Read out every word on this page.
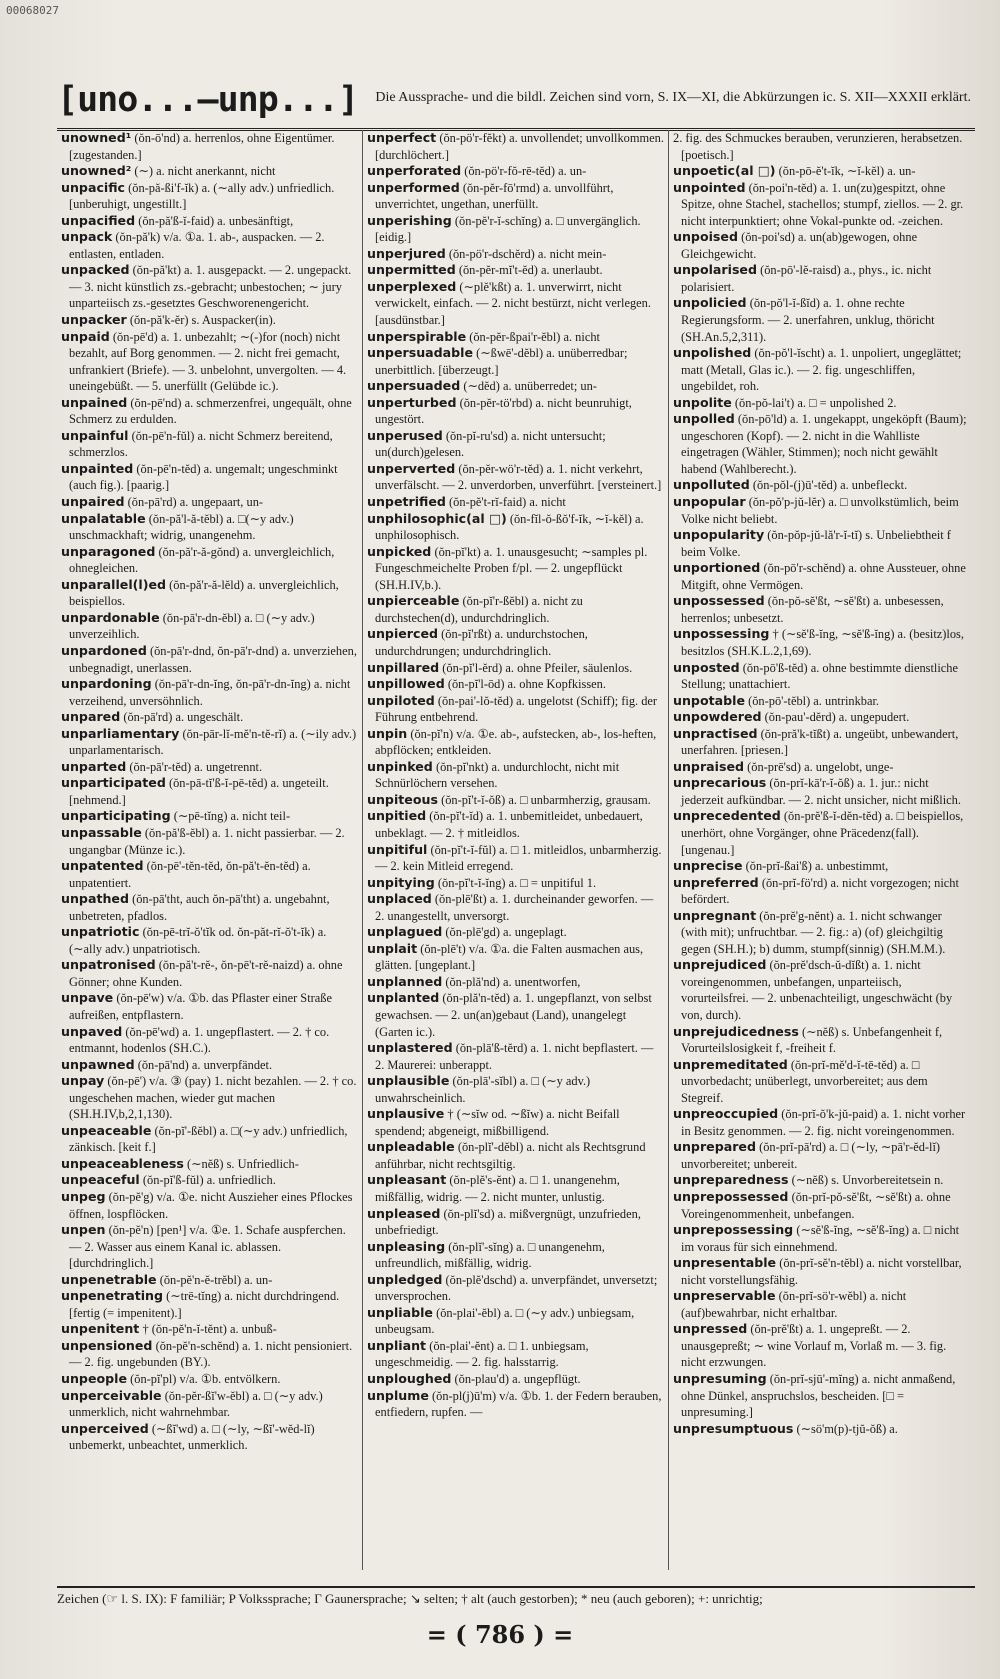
00068027
[uno...—unp...]	Die Aussprache- und die bildl. Zeichen sind vorn, S. IX—XI, die Abkürzungen ic. S. XII—XXXII erklärt.
unowned¹ (ŏn-ō'nd) a. herrenlos, ohne Eigentümer. [zugestanden.]
unowned² (∼) a. nicht anerkannt, nicht
unpacific (ŏn-pă-ßi'f-ĭk) a. (∼ally adv.) unfriedlich. [unberuhigt, ungestillt.]
unpacified (ŏn-pă'ß-ĭ-faid) a. unbesänftigt,
unpack (ŏn-pă'k) v/a. ①a. 1. ab-, auspacken. — 2. entlasten, entladen.
unpacked (ŏn-pă'kt) a. 1. ausgepackt. — 2. ungepackt. — 3. nicht künstlich zs.-gebracht; unbestochen; ∼ jury unparteiisch zs.-gesetztes Geschworenengericht.
unpacker (ŏn-pă'k-ĕr) s. Auspacker(in).
unpaid (ŏn-pē'd) a. 1. unbezahlt; ∼(-)for (noch) nicht bezahlt, auf Borg genommen. — 2. nicht frei gemacht, unfrankiert (Briefe). — 3. unbelohnt, unvergolten. — 4. uneingebüßt. — 5. unerfüllt (Gelübde ic.).
unpained (ŏn-pē'nd) a. schmerzenfrei, ungequält, ohne Schmerz zu erdulden.
unpainful (ŏn-pē'n-fŭl) a. nicht Schmerz bereitend, schmerzlos.
unpainted (ŏn-pē'n-tĕd) a. ungemalt; ungeschminkt (auch fig.). [paarig.]
unpaired (ŏn-pā'rd) a. ungepaart, un-
unpalatable (ŏn-pă'l-ă-tĕbl) a. □(∼y adv.) unschmackhaft; widrig, unangenehm.
unparagoned (ŏn-pă'r-ă-gŏnd) a. unvergleichlich, ohnegleichen.
unparallel(l)ed (ŏn-pă'r-ă-lĕld) a. unvergleichlich, beispiellos.
unpardonable (ŏn-pā'r-dn-ĕbl) a. □ (∼y adv.) unverzeihlich.
unpardoned (ŏn-pā'r-dnd, ŏn-pā'r-dnd) a. unverziehen, unbegnadigt, unerlassen.
unpardoning (ŏn-pā'r-dn-ĭng, ŏn-pā'r-dn-ĭng) a. nicht verzeihend, unversöhnlich.
unpared (ŏn-pā'rd) a. ungeschält.
unparliamentary (ŏn-pār-lĭ-mĕ'n-tĕ-rĭ) a. (∼ily adv.) unparlamentarisch.
unparted (ŏn-pā'r-tĕd) a. ungetrennt.
unparticipated (ŏn-pā-tĭ'ß-ĭ-pē-tĕd) a. ungeteilt. [nehmend.]
unparticipating (∼pē-tĭng) a. nicht teil-
unpassable (ŏn-pă'ß-ĕbl) a. 1. nicht passierbar. — 2. ungangbar (Münze ic.).
unpatented (ŏn-pē'-tĕn-tĕd, ŏn-pă't-ĕn-tĕd) a. unpatentiert.
unpathed (ŏn-pā'tht, auch ŏn-pā'tht) a. ungebahnt, unbetreten, pfadlos.
unpatriotic (ŏn-pē-trĭ-ŏ'tĭk od. ŏn-păt-rĭ-ŏ't-ĭk) a. (∼ally adv.) unpatriotisch.
unpatronised (ŏn-pă't-rĕ-, ŏn-pē't-rĕ-naizd) a. ohne Gönner; ohne Kunden.
unpave (ŏn-pē'w) v/a. ①b. das Pflaster einer Straße aufreißen, entpflastern.
unpaved (ŏn-pē'wd) a. 1. ungepflastert. — 2. † co. entmannt, hodenlos (SH.C.).
unpawned (ŏn-pā'nd) a. unverpfändet.
unpay (ŏn-pē') v/a. ③ (pay) 1. nicht bezahlen. — 2. † co. ungeschehen machen, wieder gut machen (SH.H.IV,b,2,1,130).
unpeaceable (ŏn-pĭ'-ßĕbl) a. □(∼y adv.) unfriedlich, zänkisch. [keit f.]
unpeaceableness (∼nĕß) s. Unfriedlich-
unpeaceful (ŏn-pĭ'ß-fŭl) a. unfriedlich.
unpeg (ŏn-pĕ'g) v/a. ①e. nicht Auszieher eines Pflockes öffnen, lospflöcken.
unpen (ŏn-pĕ'n) [pen¹] v/a. ①e. 1. Schafe auspferchen. — 2. Wasser aus einem Kanal ic. ablassen. [durchdringlich.]
unpenetrable (ŏn-pĕ'n-ĕ-trĕbl) a. un-
unpenetrating (∼trē-tĭng) a. nicht durchdringend. [fertig (= impenitent).]
unpenitent † (ŏn-pĕ'n-ĭ-tĕnt) a. unbuß-
unpensioned (ŏn-pĕ'n-schĕnd) a. 1. nicht pensioniert. — 2. fig. ungebunden (BY.).
unpeople (ŏn-pĭ'pl) v/a. ①b. entvölkern.
unperceivable (ŏn-pĕr-ßĭ'w-ĕbl) a. □ (∼y adv.) unmerklich, nicht wahrnehmbar.
unperceived (∼ßĭ'wd) a. □ (∼ly, ∼ßĭ'-wĕd-lĭ) unbemerkt, unbeachtet, unmerklich.
unperfect (ŏn-pö'r-fĕkt) a. unvollendet; unvollkommen. [durchlöchert.]
unperforated (ŏn-pö'r-fŏ-rē-tĕd) a. un-
unperformed (ŏn-pĕr-fō'rmd) a. unvollführt, unverrichtet, ungethan, unerfüllt.
unperishing (ŏn-pĕ'r-ĭ-schĭng) a. □ unvergänglich. [eidig.]
unperjured (ŏn-pö'r-dschĕrd) a. nicht mein-
unpermitted (ŏn-pĕr-mĭ't-ĕd) a. unerlaubt.
unperplexed (∼plĕ'kßt) a. 1. unverwirrt, nicht verwickelt, einfach. — 2. nicht bestürzt, nicht verlegen. [ausdünstbar.]
unperspirable (ŏn-pĕr-ßpai'r-ĕbl) a. nicht
unpersuadable (∼ßwē'-dĕbl) a. unüberredbar; unerbittlich. [überzeugt.]
unpersuaded (∼dĕd) a. unüberredet; un-
unperturbed (ŏn-pĕr-tö'rbd) a. nicht beunruhigt, ungestört.
unperused (ŏn-pĭ-ru'sd) a. nicht untersucht; un(durch)gelesen.
unperverted (ŏn-pĕr-wö'r-tĕd) a. 1. nicht verkehrt, unverfälscht. — 2. unverdorben, unverführt. [versteinert.]
unpetrified (ŏn-pĕ't-rĭ-faid) a. nicht
unphilosophic(al □) (ŏn-fĭl-ŏ-ßŏ'f-ĭk, ∼ĭ-kĕl) a. unphilosophisch.
unpicked (ŏn-pĭ'kt) a. 1. unausgesucht; ∼samples pl. Fungeschmeichelte Proben f/pl. — 2. ungepflückt (SH.H.IV,b.).
unpierceable (ŏn-pĭ'r-ßĕbl) a. nicht zu durchstechen(d), undurchdringlich.
unpierced (ŏn-pĭ'rßt) a. undurchstochen, undurchdrungen; undurchdringlich.
unpillared (ŏn-pĭ'l-ĕrd) a. ohne Pfeiler, säulenlos.
unpillowed (ŏn-pĭ'l-ōd) a. ohne Kopfkissen.
unpiloted (ŏn-pai'-lŏ-tĕd) a. ungelotst (Schiff); fig. der Führung entbehrend.
unpin (ŏn-pĭ'n) v/a. ①e. ab-, aufstecken, ab-, los-heften, abpflöcken; entkleiden.
unpinked (ŏn-pĭ'nkt) a. undurchlocht, nicht mit Schnürlöchern versehen.
unpiteous (ŏn-pĭ't-ĭ-ŏß) a. □ unbarmherzig, grausam.
unpitied (ŏn-pĭ't-ĭd) a. 1. unbemitleidet, unbedauert, unbeklagt. — 2. † mitleidlos.
unpitiful (ŏn-pĭ't-ĭ-fŭl) a. □ 1. mitleidlos, unbarmherzig. — 2. kein Mitleid erregend.
unpitying (ŏn-pĭ't-ĭ-ĭng) a. □ = unpitiful 1.
unplaced (ŏn-plē'ßt) a. 1. durcheinander geworfen. — 2. unangestellt, unversorgt.
unplagued (ŏn-plē'gd) a. ungeplagt.
unplait (ŏn-plē't) v/a. ①a. die Falten ausmachen aus, glätten. [ungeplant.]
unplanned (ŏn-plă'nd) a. unentworfen,
unplanted (ŏn-plă'n-tĕd) a. 1. ungepflanzt, von selbst gewachsen. — 2. un(an)gebaut (Land), unangelegt (Garten ic.).
unplastered (ŏn-plā'ß-tĕrd) a. 1. nicht bepflastert. — 2. Maurerei: unberappt.
unplausible (ŏn-plā'-sĭbl) a. □ (∼y adv.) unwahrscheinlich.
unplausive † (∼sĭw od. ∼ßĭw) a. nicht Beifall spendend; abgeneigt, mißbilligend.
unpleadable (ŏn-plĭ'-dĕbl) a. nicht als Rechtsgrund anführbar, nicht rechtsgiltig.
unpleasant (ŏn-plĕ's-ĕnt) a. □ 1. unangenehm, mißfällig, widrig. — 2. nicht munter, unlustig.
unpleased (ŏn-plĭ'sd) a. mißvergnügt, unzufrieden, unbefriedigt.
unpleasing (ŏn-plĭ'-sĭng) a. □ unangenehm, unfreundlich, mißfällig, widrig.
unpledged (ŏn-plĕ'dschd) a. unverpfändet, unversetzt; unversprochen.
unpliable (ŏn-plai'-ĕbl) a. □ (∼y adv.) unbiegsam, unbeugsam.
unpliant (ŏn-plai'-ĕnt) a. □ 1. unbiegsam, ungeschmeidig. — 2. fig. halsstarrig.
unploughed (ŏn-plau'd) a. ungepflügt.
unplume (ŏn-pl(j)ū'm) v/a. ①b. 1. der Federn berauben, entfiedern, rupfen. —
2. fig. des Schmuckes berauben, verunzieren, herabsetzen. [poetisch.]
unpoetic(al □) (ŏn-pō-ĕ't-ĭk, ∼ĭ-kĕl) a. un-
unpointed (ŏn-poi'n-tĕd) a. 1. un(zu)gespitzt, ohne Spitze, ohne Stachel, stachellos; stumpf, ziellos. — 2. gr. nicht interpunktiert; ohne Vokal-punkte od. -zeichen.
unpoised (ŏn-poi'sd) a. un(ab)gewogen, ohne Gleichgewicht.
unpolarised (ŏn-pō'-lĕ-raisd) a., phys., ic. nicht polarisiert.
unpolicied (ŏn-pŏ'l-ĭ-ßĭd) a. 1. ohne rechte Regierungsform. — 2. unerfahren, unklug, thöricht (SH.An.5,2,311).
unpolished (ŏn-pŏ'l-ĭscht) a. 1. unpoliert, ungeglättet; matt (Metall, Glas ic.). — 2. fig. ungeschliffen, ungebildet, roh.
unpolite (ŏn-pŏ-lai't) a. □ = unpolished 2.
unpolled (ŏn-pō'ld) a. 1. ungekappt, ungeköpft (Baum); ungeschoren (Kopf). — 2. nicht in die Wahlliste eingetragen (Wähler, Stimmen); noch nicht gewählt habend (Wahlberecht.).
unpolluted (ŏn-pŏl-(j)ū'-tĕd) a. unbefleckt.
unpopular (ŏn-pŏ'p-jŭ-lĕr) a. □ unvolkstümlich, beim Volke nicht beliebt.
unpopularity (ŏn-pŏp-jŭ-lă'r-ĭ-tĭ) s. Unbeliebtheit f beim Volke.
unportioned (ŏn-pō'r-schĕnd) a. ohne Aussteuer, ohne Mitgift, ohne Vermögen.
unpossessed (ŏn-pŏ-sĕ'ßt, ∼sĕ'ßt) a. unbesessen, herrenlos; unbesetzt.
unpossessing † (∼sĕ'ß-ĭng, ∼sĕ'ß-ĭng) a. (besitz)los, besitzlos (SH.K.L.2,1,69).
unposted (ŏn-pō'ß-tĕd) a. ohne bestimmte dienstliche Stellung; unattachiert.
unpotable (ŏn-pō'-tĕbl) a. untrinkbar.
unpowdered (ŏn-pau'-dĕrd) a. ungepudert.
unpractised (ŏn-pră'k-tĭßt) a. ungeübt, unbewandert, unerfahren. [priesen.]
unpraised (ŏn-prē'sd) a. ungelobt, unge-
unprecarious (ŏn-prĭ-kā'r-ĭ-ŏß) a. 1. jur.: nicht jederzeit aufkündbar. — 2. nicht unsicher, nicht mißlich.
unprecedented (ŏn-prĕ'ß-ĭ-dĕn-tĕd) a. □ beispiellos, unerhört, ohne Vorgänger, ohne Präcedenz(fall). [ungenau.]
unprecise (ŏn-prĭ-ßai'ß) a. unbestimmt,
unpreferred (ŏn-prĭ-fö'rd) a. nicht vorgezogen; nicht befördert.
unpregnant (ŏn-prĕ'g-nĕnt) a. 1. nicht schwanger (with mit); unfruchtbar. — 2. fig.: a) (of) gleichgiltig gegen (SH.H.); b) dumm, stumpf(sinnig) (SH.M.M.).
unprejudiced (ŏn-prĕ'dsch-ŭ-dĭßt) a. 1. nicht voreingenommen, unbefangen, unparteiisch, vorurteilsfrei. — 2. unbenachteiligt, ungeschwächt (by von, durch).
unprejudicedness (∼nĕß) s. Unbefangenheit f, Vorurteilslosigkeit f, -freiheit f.
unpremeditated (ŏn-prĭ-mĕ'd-ĭ-tē-tĕd) a. □ unvorbedacht; unüberlegt, unvorbereitet; aus dem Stegreif.
unpreoccupied (ŏn-prĭ-ŏ'k-jŭ-paid) a. 1. nicht vorher in Besitz genommen. — 2. fig. nicht voreingenommen.
unprepared (ŏn-prĭ-pā'rd) a. □ (∼ly, ∼pā'r-ĕd-lĭ) unvorbereitet; unbereit.
unpreparedness (∼nĕß) s. Unvorbereitetsein n.
unprepossessed (ŏn-prĭ-pŏ-sĕ'ßt, ∼sĕ'ßt) a. ohne Voreingenommenheit, unbefangen.
unprepossessing (∼sĕ'ß-ĭng, ∼sĕ'ß-ĭng) a. □ nicht im voraus für sich einnehmend.
unpresentable (ŏn-prĭ-sĕ'n-tĕbl) a. nicht vorstellbar, nicht vorstellungsfähig.
unpreservable (ŏn-prĭ-sö'r-wĕbl) a. nicht (auf)bewahrbar, nicht erhaltbar.
unpressed (ŏn-prĕ'ßt) a. 1. ungepreßt. — 2. unausgepreßt; ∼ wine Vorlauf m, Vorlaß m. — 3. fig. nicht erzwungen.
unpresuming (ŏn-prĭ-sjū'-mĭng) a. nicht anmaßend, ohne Dünkel, anspruchslos, bescheiden. [□ = unpresuming.]
unpresumptuous (∼sö'm(p)-tjŭ-ŏß) a.
Zeichen (☞ l. S. IX): F familiär; P Volkssprache; Γ Gaunersprache; ↘ selten; † alt (auch gestorben); * neu (auch geboren); +: unrichtig;
= ( 786 ) =
